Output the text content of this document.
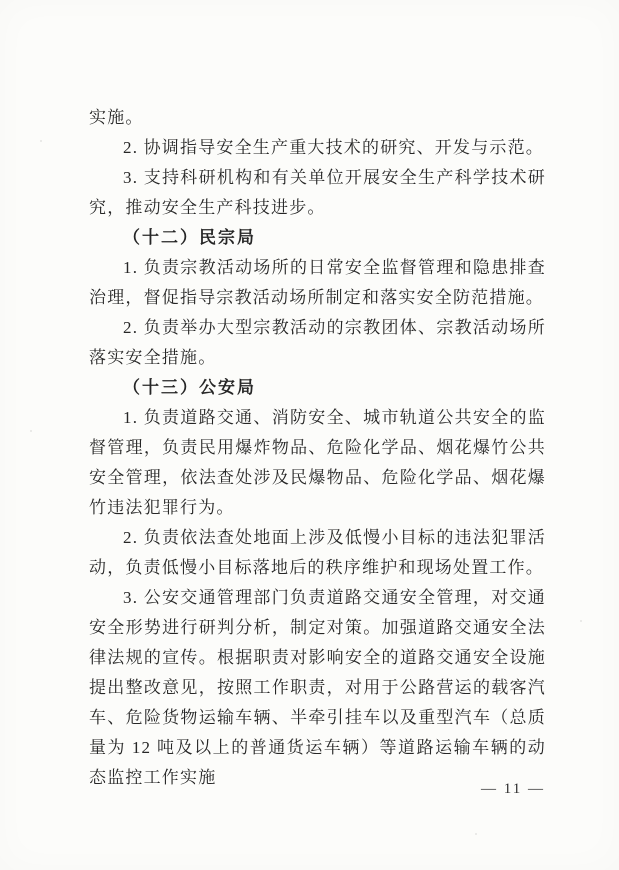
实施。

2. 协调指导安全生产重大技术的研究、开发与示范。

3. 支持科研机构和有关单位开展安全生产科学技术研究，推动安全生产科技进步。

（十二）民宗局

1. 负责宗教活动场所的日常安全监督管理和隐患排查治理，督促指导宗教活动场所制定和落实安全防范措施。

2. 负责举办大型宗教活动的宗教团体、宗教活动场所落实安全措施。

（十三）公安局

1. 负责道路交通、消防安全、城市轨道公共安全的监督管理，负责民用爆炸物品、危险化学品、烟花爆竹公共安全管理，依法查处涉及民爆物品、危险化学品、烟花爆竹违法犯罪行为。

2. 负责依法查处地面上涉及低慢小目标的违法犯罪活动，负责低慢小目标落地后的秩序维护和现场处置工作。

3. 公安交通管理部门负责道路交通安全管理，对交通安全形势进行研判分析，制定对策。加强道路交通安全法律法规的宣传。根据职责对影响安全的道路交通安全设施提出整改意见，按照工作职责，对用于公路营运的载客汽车、危险货物运输车辆、半牵引挂车以及重型汽车（总质量为 12 吨及以上的普通货运车辆）等道路运输车辆的动态监控工作实施

— 11 —
